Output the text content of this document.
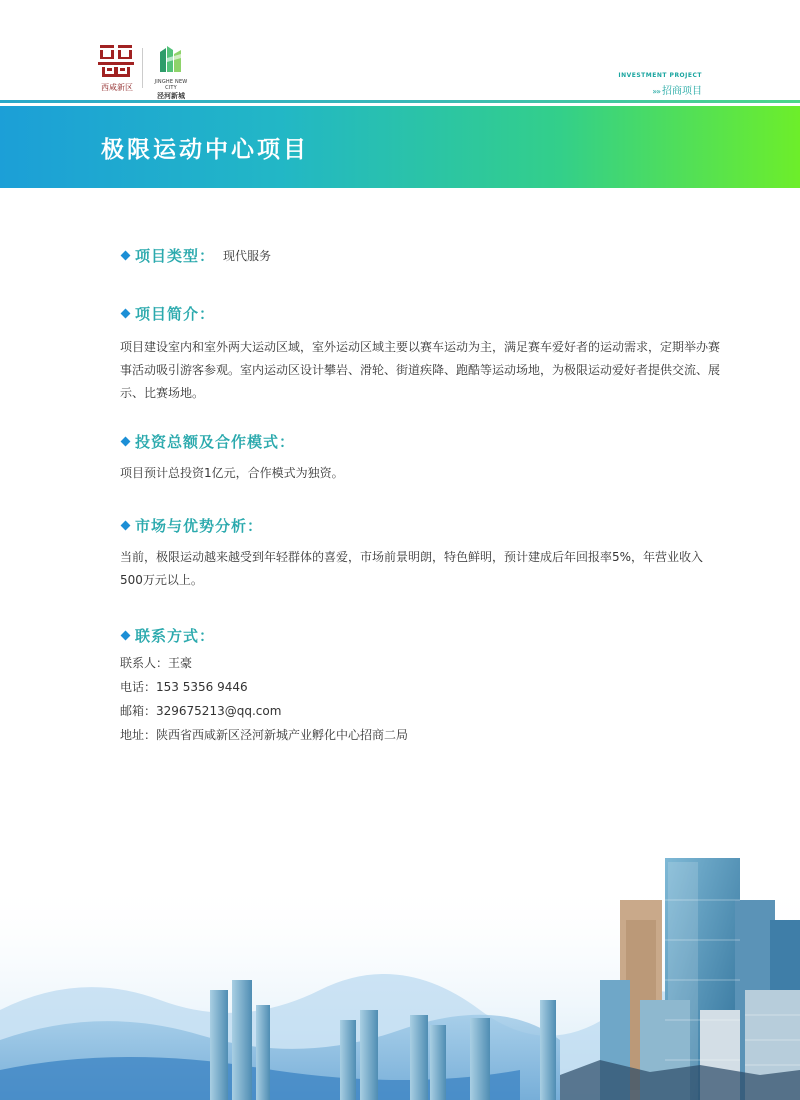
西咸新区
JINGHE NEW CITY
泾河新城
INVESTMENT PROJECT
»» 招商项目
极限运动中心项目
项目类型： 现代服务
项目简介：
项目建设室内和室外两大运动区域，室外运动区域主要以赛车运动为主，满足赛车爱好者的运动需求，定期举办赛事活动吸引游客参观。室内运动区设计攀岩、滑轮、街道疾降、跑酷等运动场地，为极限运动爱好者提供交流、展示、比赛场地。
投资总额及合作模式：
项目预计总投资1亿元，合作模式为独资。
市场与优势分析：
当前，极限运动越来越受到年轻群体的喜爱，市场前景明朗，特色鲜明，预计建成后年回报率5%，年营业收入500万元以上。
联系方式：
联系人：王豪
电话：153 5356 9446
邮箱：329675213@qq.com
地址：陕西省西咸新区泾河新城产业孵化中心招商二局
